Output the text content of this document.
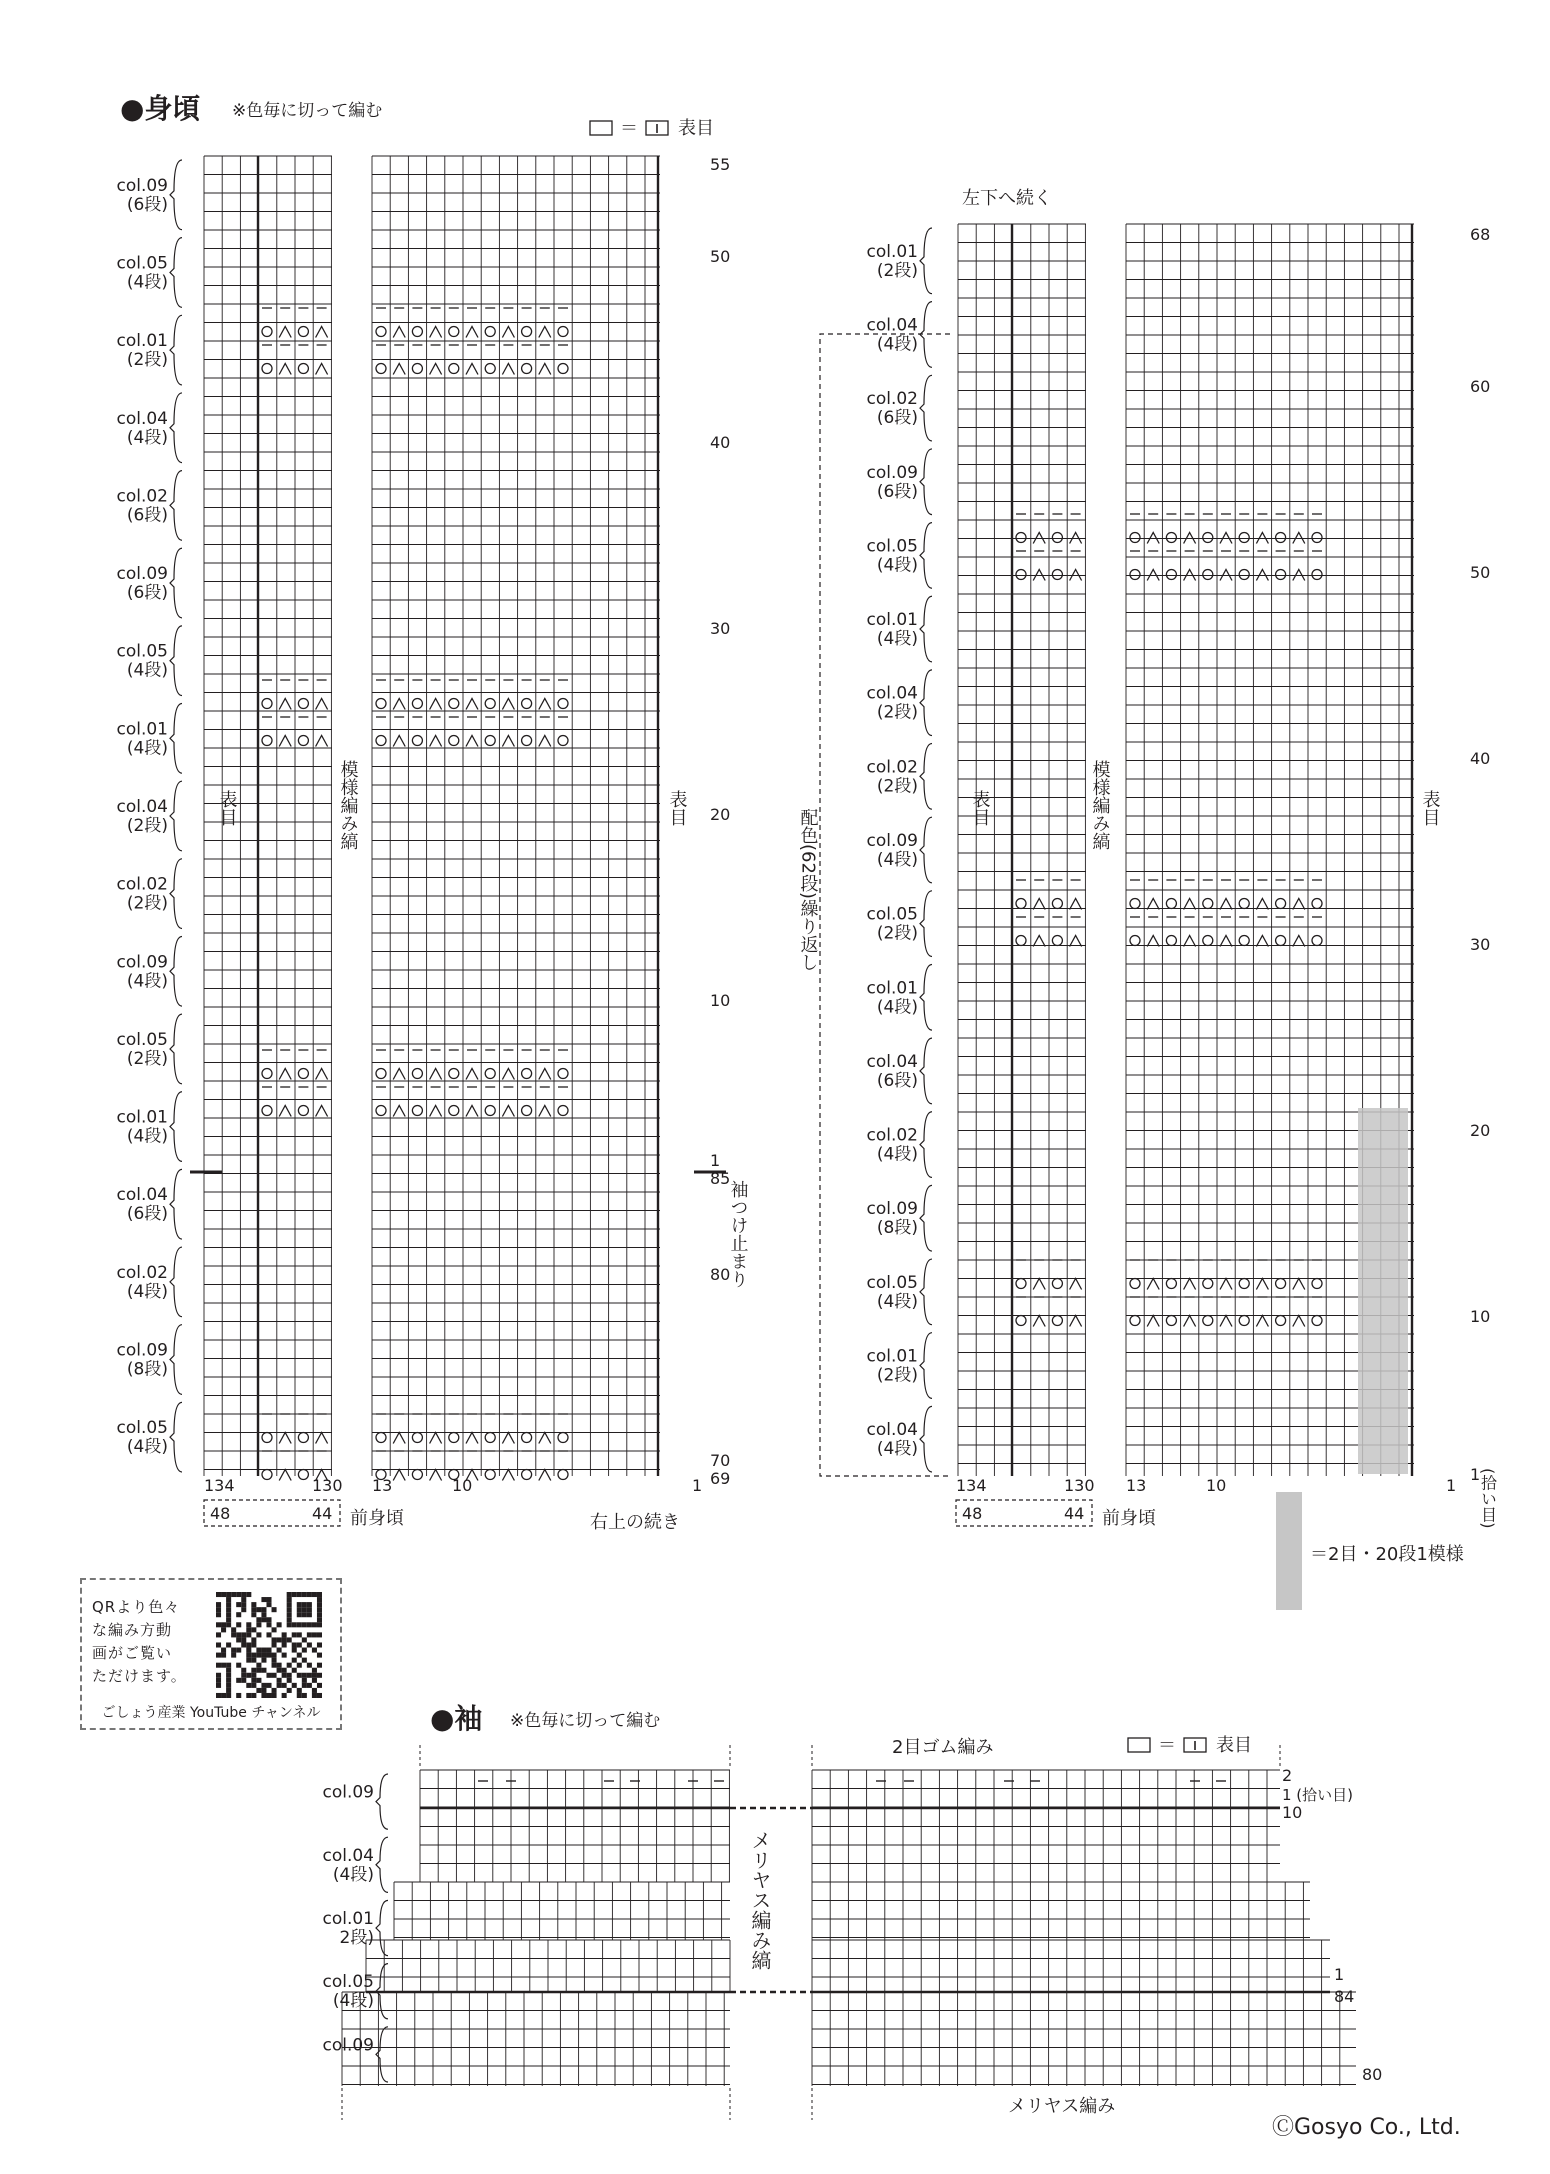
●身頃 ※色毎に切って編む
＝ 表目
col.09
(6段)
col.05
(4段)
col.01
(2段)
col.04
(4段)
col.02
(6段)
col.09
(6段)
col.05
(4段)
col.01
(4段)
col.04
(2段)
col.02
(2段)
col.09
(4段)
col.05
(2段)
col.01
(4段)
col.04
(6段)
col.02
(4段)
col.09
(8段)
col.05
(4段)
55
50
40
30
20
10
1
85
80
70
69
表目	模様編み縞	表目
袖つけ止まり
134	130 13	10	1
48	44 前身頃	右上の続き
左下へ続く
col.01
(2段)
col.04
(4段)
col.02
(6段)
col.09
(6段)
col.05
(4段)
col.01
(4段)
col.04
(2段)
col.02
(2段)
col.09
(4段)
col.05
(2段)
col.01
(4段)
col.04
(6段)
col.02
(4段)
col.09
(8段)
col.05
(4段)
col.01
(2段)
col.04
(4段)
68
60
50
40
30
20
10
1
配色(62段)繰り返し	表目	模様編み縞	表目
(拾い目)
134	130 13	10	1
48	44 前身頃
＝2目・20段1模様
●袖 ※色毎に切って編む
2目ゴム編み	＝ 表目
col.09
col.04
(4段)
col.01
2段)
col.05
(4段)
col.09
メリヤス編み縞
メリヤス編み
2
1 (拾い目)
10
1
84
80
ⒸGosyo Co., Ltd.
QRより色々
な編み方動
画がご覧い
ただけます。
ごしょう産業 YouTube チャンネル
